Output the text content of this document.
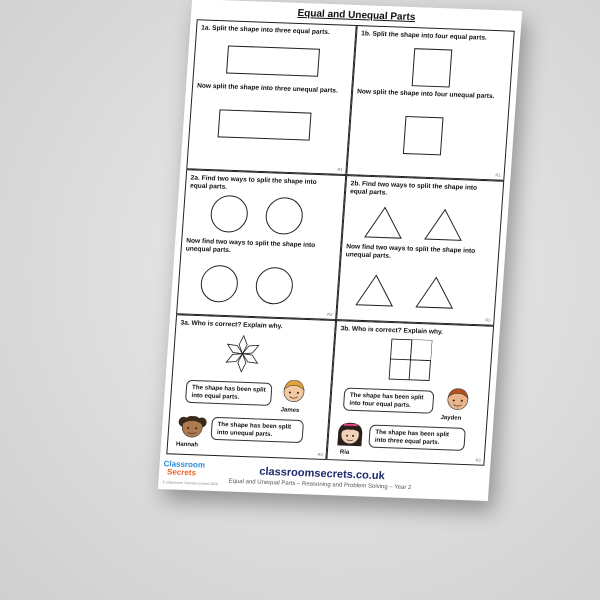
Equal and Unequal Parts
1a. Split the shape into three equal parts.
Now split the shape into three unequal parts.
R1
1b. Split the shape into four equal parts.
Now split the shape into four unequal parts.
R1
2a. Find two ways to split the shape into equal parts.
Now find two ways to split the shape into unequal parts.
R2
2b. Find two ways to split the shape into equal parts.
Now find two ways to split the shape into unequal parts.
R2
3a. Who is correct? Explain why.
The shape has been split into equal parts.
James
Hannah
The shape has been split into unequal parts.
R3
3b. Who is correct? Explain why.
The shape has been split into four equal parts.
Jayden
Ria
The shape has been split into three equal parts.
R3
Classroom
Secrets
© Classroom Secrets Limited 2019
classroomsecrets.co.uk
Equal and Unequal Parts – Reasoning and Problem Solving – Year 2
